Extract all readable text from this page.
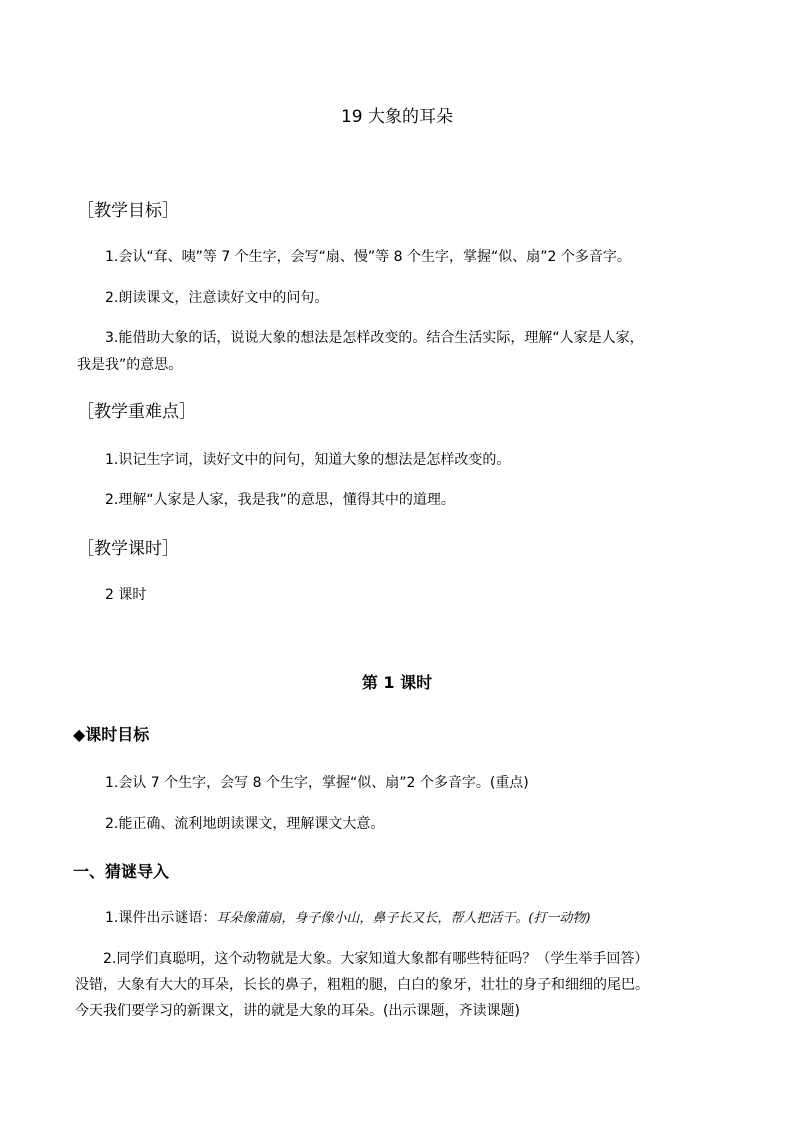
19 大象的耳朵
［教学目标］
1.会认“耷、咦”等 7 个生字，会写“扇、慢”等 8 个生字，掌握“似、扇”2 个多音字。
2.朗读课文，注意读好文中的问句。
3.能借助大象的话，说说大象的想法是怎样改变的。结合生活实际，理解“人家是人家，
我是我”的意思。
［教学重难点］
1.识记生字词，读好文中的问句，知道大象的想法是怎样改变的。
2.理解“人家是人家，我是我”的意思，懂得其中的道理。
［教学课时］
2 课时
第 1 课时
◆课时目标
1.会认 7 个生字，会写 8 个生字，掌握“似、扇”2 个多音字。(重点)
2.能正确、流利地朗读课文，理解课文大意。
一、猜谜导入
1.课件出示谜语：耳朵像蒲扇，身子像小山，鼻子长又长，帮人把活干。(打一动物)
2.同学们真聪明，这个动物就是大象。大家知道大象都有哪些特征吗？（学生举手回答）
没错，大象有大大的耳朵，长长的鼻子，粗粗的腿，白白的象牙，壮壮的身子和细细的尾巴。
今天我们要学习的新课文，讲的就是大象的耳朵。(出示课题，齐读课题)
